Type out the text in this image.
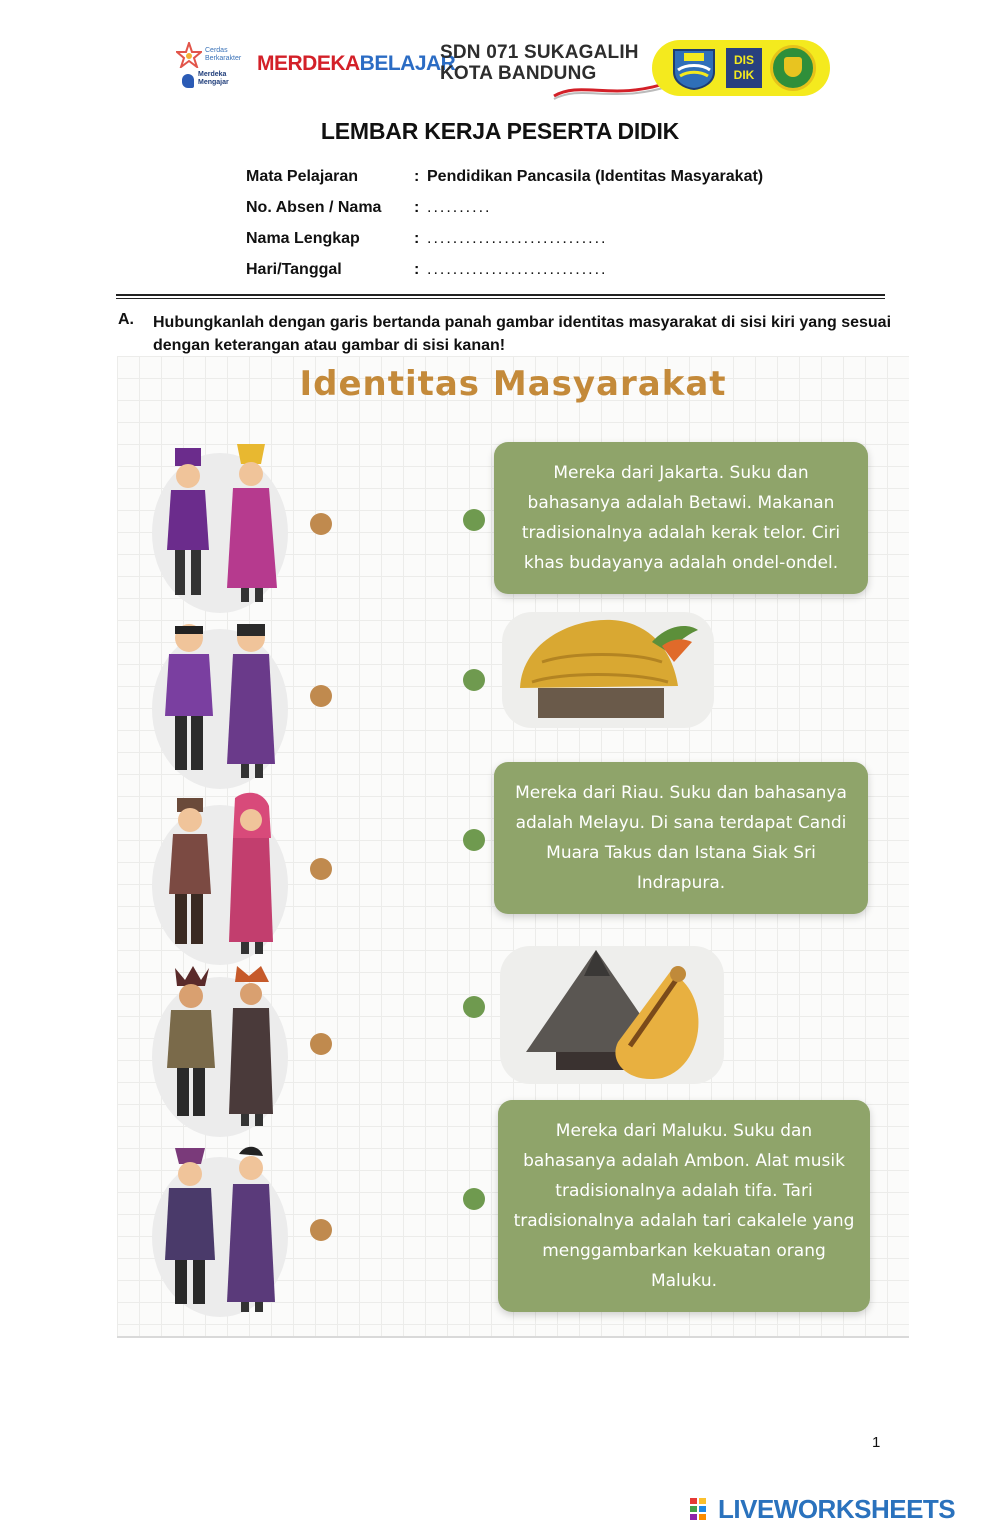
Cerdas
Berkarakter
Merdeka
Mengajar
MERDEKABELAJAR
SDN 071 SUKAGALIH
KOTA BANDUNG
DIS
DIK
LEMBAR KERJA PESERTA DIDIK
Mata Pelajaran	: Pendidikan Pancasila (Identitas Masyarakat)
No. Absen / Nama : ..........
Nama Lengkap	: ............................
Hari/Tanggal	: ............................
A. Hubungkanlah dengan garis bertanda panah gambar identitas masyarakat di sisi kiri yang sesuai dengan keterangan atau gambar di sisi kanan!
Identitas Masyarakat
Mereka dari Jakarta. Suku dan bahasanya adalah Betawi. Makanan tradisionalnya adalah kerak telor. Ciri khas budayanya adalah ondel-ondel.
Mereka dari Riau. Suku dan bahasanya adalah Melayu. Di sana terdapat Candi Muara Takus dan Istana Siak Sri Indrapura.
Mereka dari Maluku. Suku dan bahasanya adalah Ambon. Alat musik tradisionalnya adalah tifa. Tari tradisionalnya adalah tari cakalele yang menggambarkan kekuatan orang Maluku.
1
LIVEWORKSHEETS
